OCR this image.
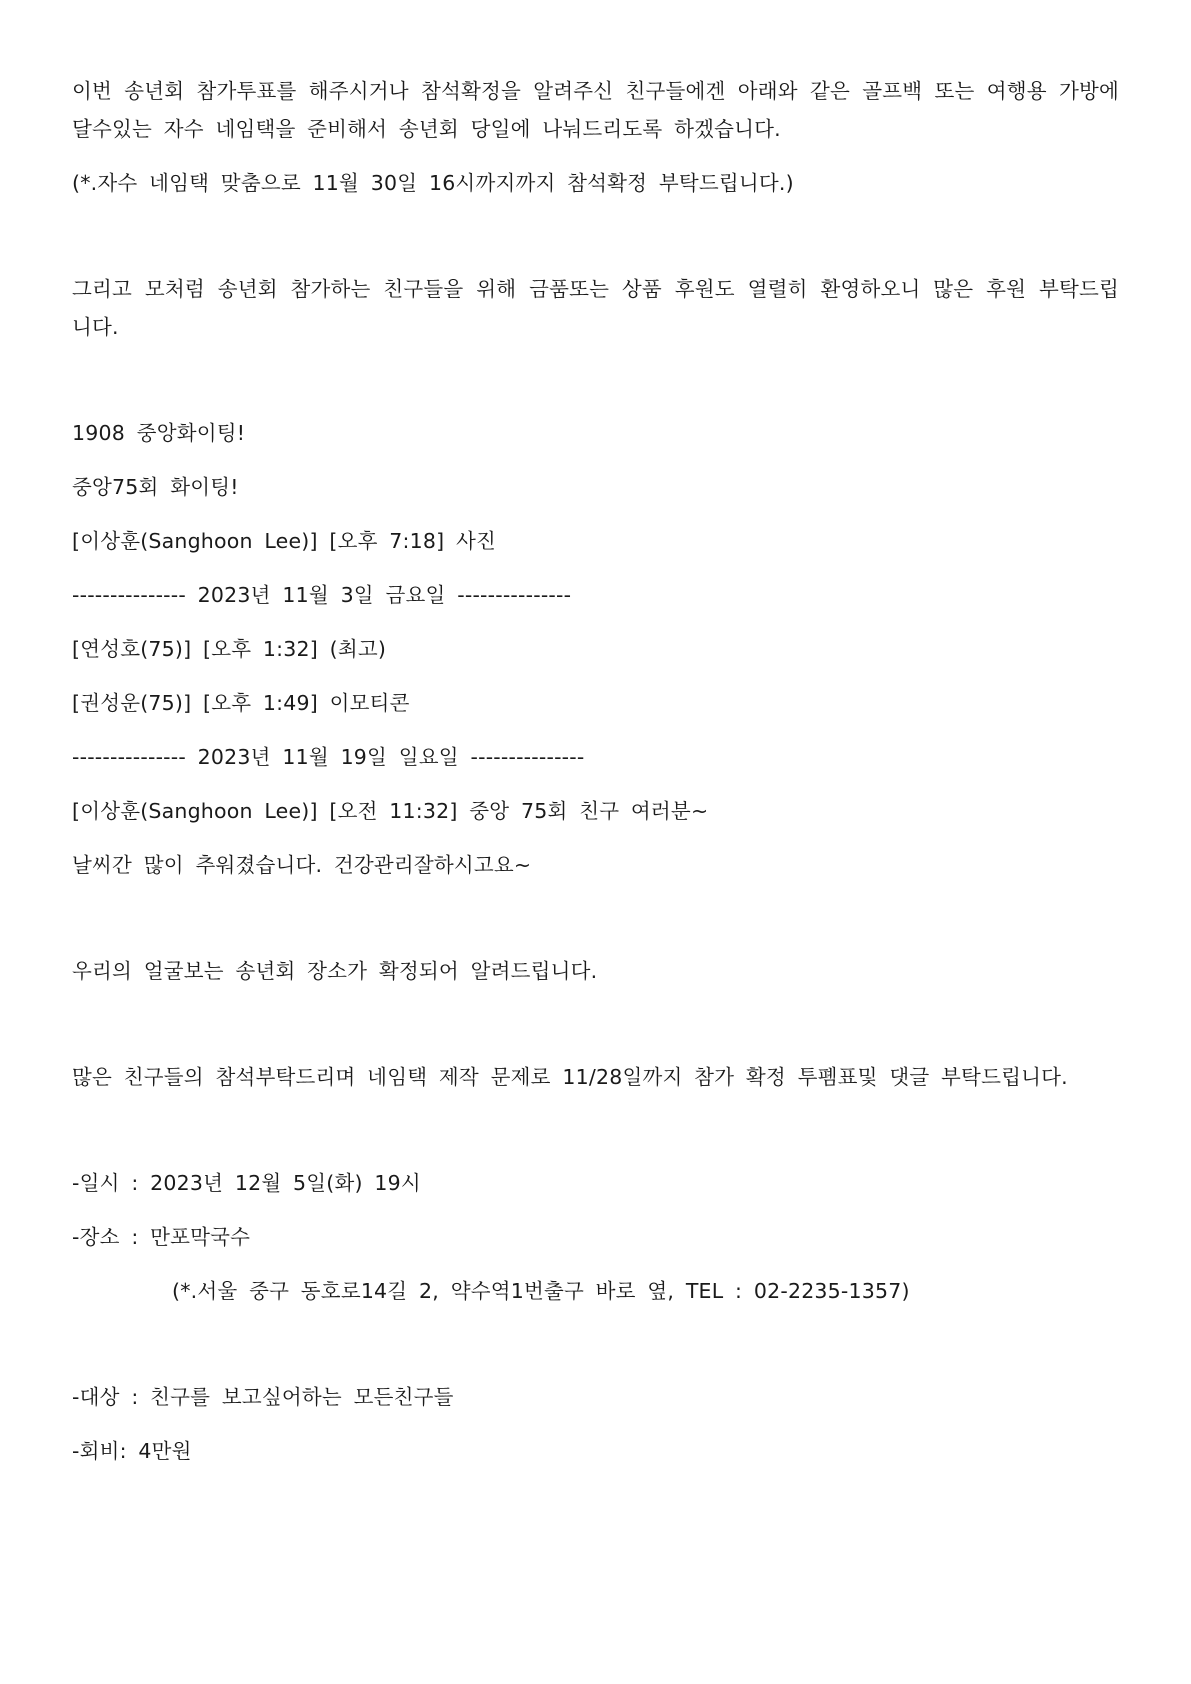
이번 송년회 참가투표를 해주시거나 참석확정을 알려주신 친구들에겐 아래와 같은 골프백 또는 여행용 가방에 달수있는 자수 네임택을 준비해서 송년회 당일에 나눠드리도록 하겠습니다.

(*.자수 네임택 맞춤으로 11월 30일 16시까지까지 참석확정 부탁드립니다.)

그리고 모처럼 송년회 참가하는 친구들을 위해 금품또는 상품 후원도 열렬히 환영하오니 많은 후원 부탁드립니다.

1908 중앙화이팅!

중앙75회 화이팅!

[이상훈(Sanghoon Lee)] [오후 7:18] 사진

--------------- 2023년 11월 3일 금요일 ---------------

[연성호(75)] [오후 1:32] (최고)

[권성운(75)] [오후 1:49] 이모티콘

--------------- 2023년 11월 19일 일요일 ---------------

[이상훈(Sanghoon Lee)] [오전 11:32] 중앙 75회 친구 여러분~

날씨간 많이 추워졌습니다. 건강관리잘하시고요~

우리의 얼굴보는 송년회 장소가 확정되어 알려드립니다.

많은 친구들의 참석부탁드리며 네임택 제작 문제로 11/28일까지 참가 확정 투폠표및 댓글 부탁드립니다.

-일시 : 2023년 12월 5일(화) 19시

-장소 : 만포막국수

(*.서울 중구 동호로14길 2, 약수역1번출구 바로 옆, TEL : 02-2235-1357)

-대상 : 친구를 보고싶어하는 모든친구들

-회비: 4만원
